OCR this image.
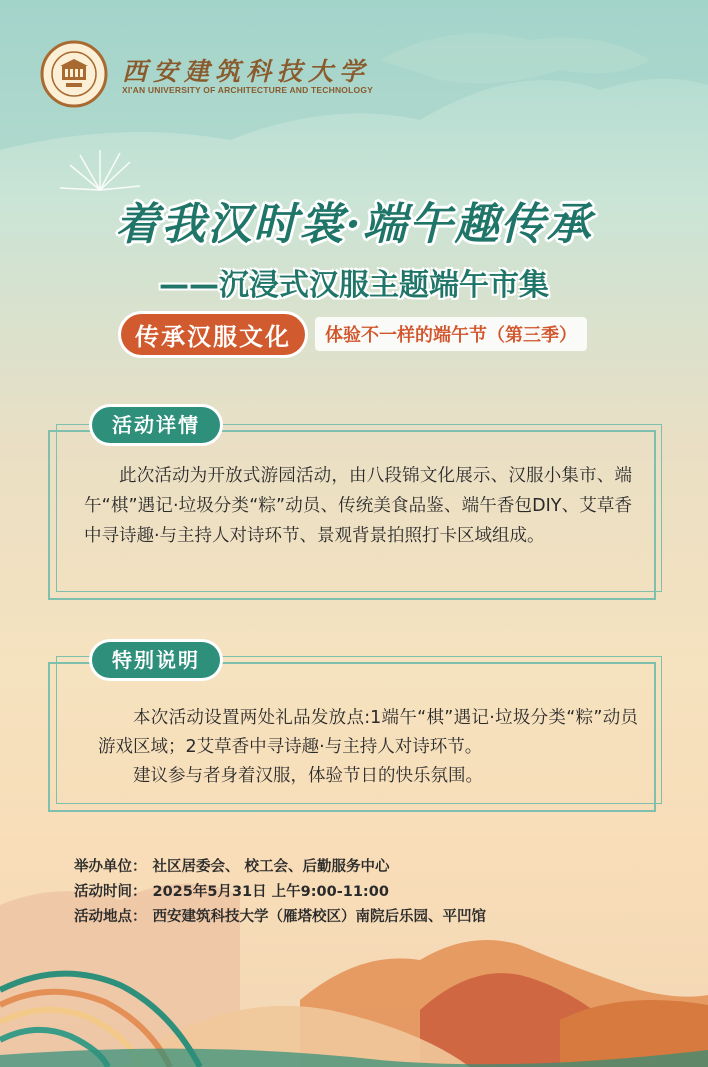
西安建筑科技大学
XI'AN UNIVERSITY OF ARCHITECTURE AND TECHNOLOGY
着我汉时裳·端午趣传承
——沉浸式汉服主题端午市集
传承汉服文化	体验不一样的端午节（第三季）
活动详情
此次活动为开放式游园活动，由八段锦文化展示、汉服小集市、端午“棋”遇记·垃圾分类“粽”动员、传统美食品鉴、端午香包DIY、艾草香中寻诗趣·与主持人对诗环节、景观背景拍照打卡区域组成。
特别说明
本次活动设置两处礼品发放点:1端午“棋”遇记·垃圾分类“粽”动员游戏区域；2艾草香中寻诗趣·与主持人对诗环节。
建议参与者身着汉服，体验节日的快乐氛围。
举办单位： 社区居委会、 校工会、后勤服务中心
活动时间： 2025年5月31日 上午9:00-11:00
活动地点： 西安建筑科技大学（雁塔校区）南院后乐园、平凹馆
